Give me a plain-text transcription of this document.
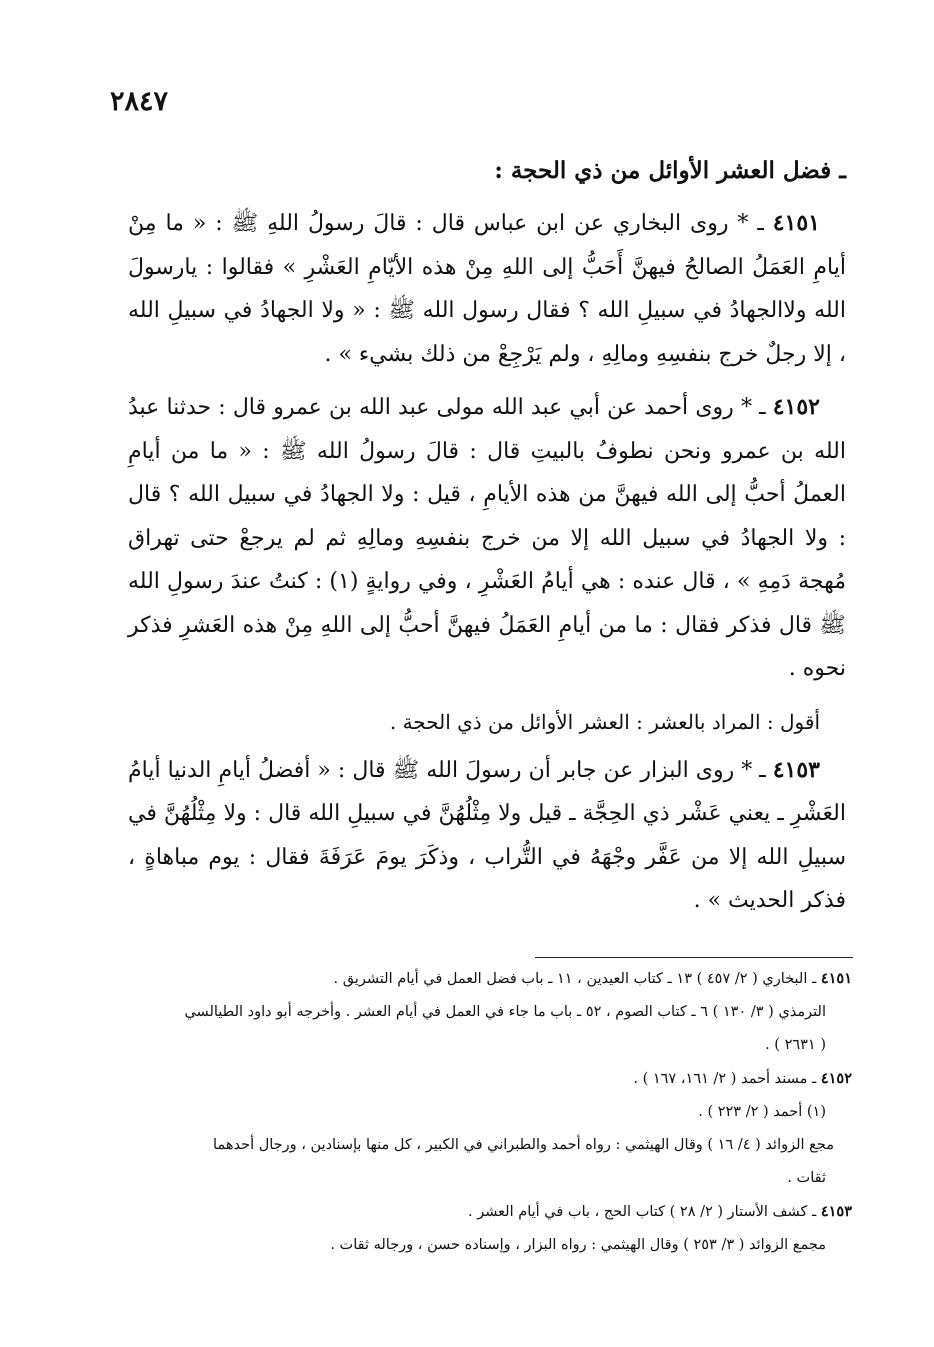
٢٨٤٧
ـ فضل العشر الأوائل من ذي الحجة :

٤١٥١ ـ * روى البخاري عن ابن عباس قال : قالَ رسولُ اللهِ ﷺ : « ما مِنْ أيامِ العَمَلُ الصالحُ فيهنَّ أَحَبُّ إلى اللهِ مِنْ هذه الأيّامِ العَشْرِ » فقالوا : يارسولَ الله ولاالجهادُ في سبيلِ الله ؟ فقال رسول الله ﷺ : « ولا الجهادُ في سبيلِ الله ، إلا رجلٌ خرج بنفسِهِ ومالِهِ ، ولم يَرْجِعْ من ذلك بشيء » .

٤١٥٢ ـ * روى أحمد عن أبي عبد الله مولى عبد الله بن عمرو قال : حدثنا عبدُ الله بن عمرو ونحن نطوفُ بالبيتِ قال : قالَ رسولُ الله ﷺ : « ما من أيامِ العملُ أحبُّ إلى الله فيهنَّ من هذه الأيامِ ، قيل : ولا الجهادُ في سبيل الله ؟ قال : ولا الجهادُ في سبيل الله إلا من خرج بنفسِهِ ومالِهِ ثم لم يرجعْ حتى تهراق مُهجة دَمِهِ » ، قال عنده : هي أيامُ العَشْرِ ، وفي روايةٍ (١) : كنتُ عندَ رسولِ الله ﷺ قال فذكر فقال : ما من أيامِ العَمَلُ فيهنَّ أحبُّ إلى اللهِ مِنْ هذه العَشرِ فذكر نحوه .

أقول : المراد بالعشر : العشر الأوائل من ذي الحجة .

٤١٥٣ ـ * روى البزار عن جابر أن رسولَ الله ﷺ قال : « أفضلُ أيامِ الدنيا أيامُ العَشْرِ ـ يعني عَشْر ذي الحِجَّة ـ قيل ولا مِثْلُهُنَّ في سبيلِ الله قال : ولا مِثْلُهُنَّ في سبيلِ الله إلا من عَفَّر وجْهَهُ في التُّراب ، وذكَرَ يومَ عَرَفَةَ فقال : يوم مباهاةٍ ، فذكر الحديث » .

٤١٥١ ـ البخاري ( ٢/ ٤٥٧ ) ١٣ ـ كتاب العيدين ، ١١ ـ باب فضل العمل في أيام التشريق .

الترمذي ( ٣/ ١٣٠ ) ٦ ـ كتاب الصوم ، ٥٢ ـ باب ما جاء في العمل في أيام العشر . وأخرجه أبو داود الطيالسي

( ٢٦٣١ ) .

٤١٥٢ ـ مسند أحمد ( ٢/ ١٦١، ١٦٧ ) .

(١) أحمد ( ٢/ ٢٢٣ ) .

مجع الزوائد ( ٤/ ١٦ ) وقال الهيثمي : رواه أحمد والطبراني في الكبير ، كل منها بإسنادين ، ورجال أحدهما

ثقات .

٤١٥٣ ـ كشف الأستار ( ٢/ ٢٨ ) كتاب الحج ، باب في أيام العشر .

مجمع الزوائد ( ٣/ ٢٥٣ ) وقال الهيثمي : رواه البزار ، وإسناده حسن ، ورجاله ثقات .
